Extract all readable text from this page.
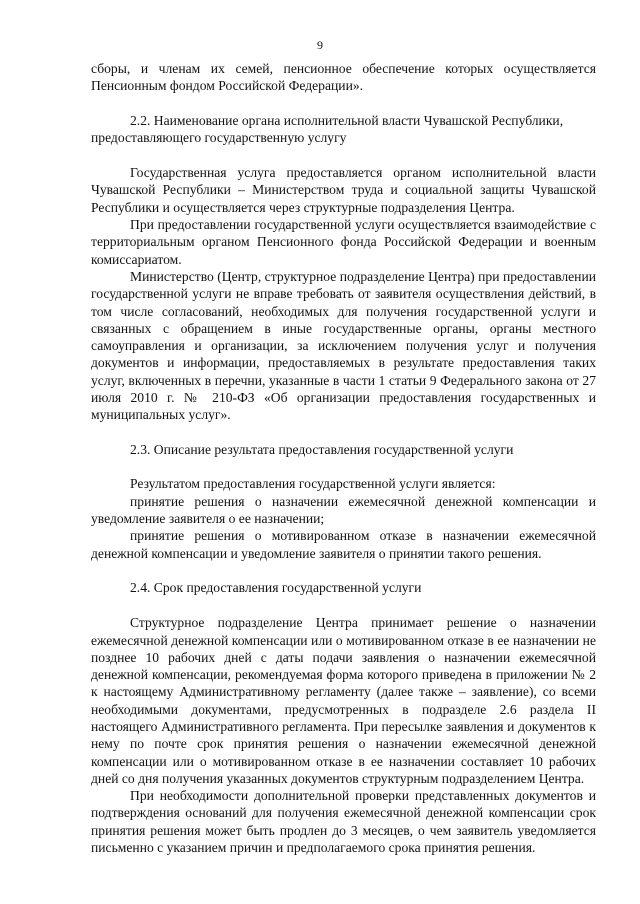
9

сборы, и членам их семей, пенсионное обеспечение которых осуществляется Пенсионным фондом Российской Федерации».

2.2. Наименование органа исполнительной власти Чувашской Республики, предоставляющего государственную услугу

Государственная услуга предоставляется органом исполнительной власти Чувашской Республики – Министерством труда и социальной защиты Чувашской Республики и осуществляется через структурные подразделения Центра.

При предоставлении государственной услуги осуществляется взаимодействие с территориальным органом Пенсионного фонда Российской Федерации и военным комиссариатом.

Министерство (Центр, структурное подразделение Центра) при предоставлении государственной услуги не вправе требовать от заявителя осуществления действий, в том числе согласований, необходимых для получения государственной услуги и связанных с обращением в иные государственные органы, органы местного самоуправления и организации, за исключением получения услуг и получения документов и информации, предоставляемых в результате предоставления таких услуг, включенных в перечни, указанные в части 1 статьи 9 Федерального закона от 27 июля 2010 г. № 210-ФЗ «Об организации предоставления государственных и муниципальных услуг».

2.3. Описание результата предоставления государственной услуги

Результатом предоставления государственной услуги является:

принятие решения о назначении ежемесячной денежной компенсации и уведомление заявителя о ее назначении;

принятие решения о мотивированном отказе в назначении ежемесячной денежной компенсации и уведомление заявителя о принятии такого решения.

2.4. Срок предоставления государственной услуги

Структурное подразделение Центра принимает решение о назначении ежемесячной денежной компенсации или о мотивированном отказе в ее назначении не позднее 10 рабочих дней с даты подачи заявления о назначении ежемесячной денежной компенсации, рекомендуемая форма которого приведена в приложении № 2 к настоящему Административному регламенту (далее также – заявление), со всеми необходимыми документами, предусмотренных в подразделе 2.6 раздела II настоящего Административного регламента. При пересылке заявления и документов к нему по почте срок принятия решения о назначении ежемесячной денежной компенсации или о мотивированном отказе в ее назначении составляет 10 рабочих дней со дня получения указанных документов структурным подразделением Центра.

При необходимости дополнительной проверки представленных документов и подтверждения оснований для получения ежемесячной денежной компенсации срок принятия решения может быть продлен до 3 месяцев, о чем заявитель уведомляется письменно с указанием причин и предполагаемого срока принятия решения.
